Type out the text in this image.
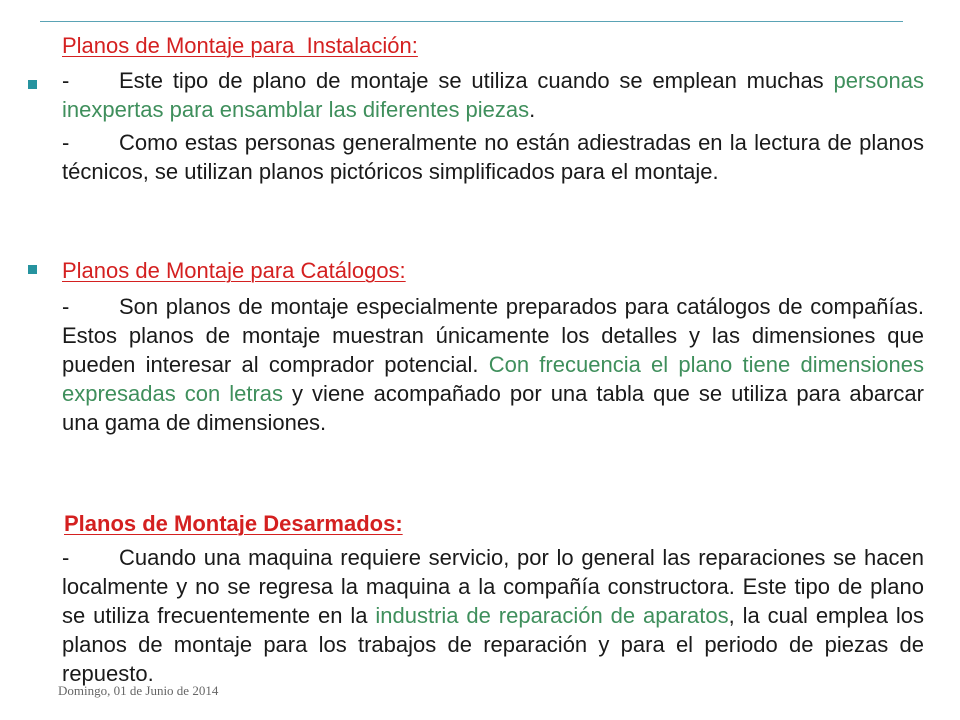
Planos de Montaje para  Instalación:
- Este tipo de plano de montaje se utiliza cuando se emplean muchas personas inexpertas para ensamblar las diferentes piezas.
- Como estas personas generalmente no están adiestradas en la lectura de planos técnicos, se utilizan planos pictóricos simplificados para el montaje.
Planos de Montaje para Catálogos:
- Son planos de montaje especialmente preparados para catálogos de compañías. Estos planos de montaje muestran únicamente los detalles y las dimensiones que pueden interesar al comprador potencial. Con frecuencia el plano tiene dimensiones expresadas con letras y viene acompañado por una tabla que se utiliza para abarcar una gama de dimensiones.
Planos de Montaje Desarmados:
- Cuando una maquina requiere servicio, por lo general las reparaciones se hacen localmente y no se regresa la maquina a la compañía constructora. Este tipo de plano se utiliza frecuentemente en la industria de reparación de aparatos, la cual emplea los planos de montaje para los trabajos de reparación y para el periodo de piezas de repuesto.
Domingo, 01 de Junio de 2014
